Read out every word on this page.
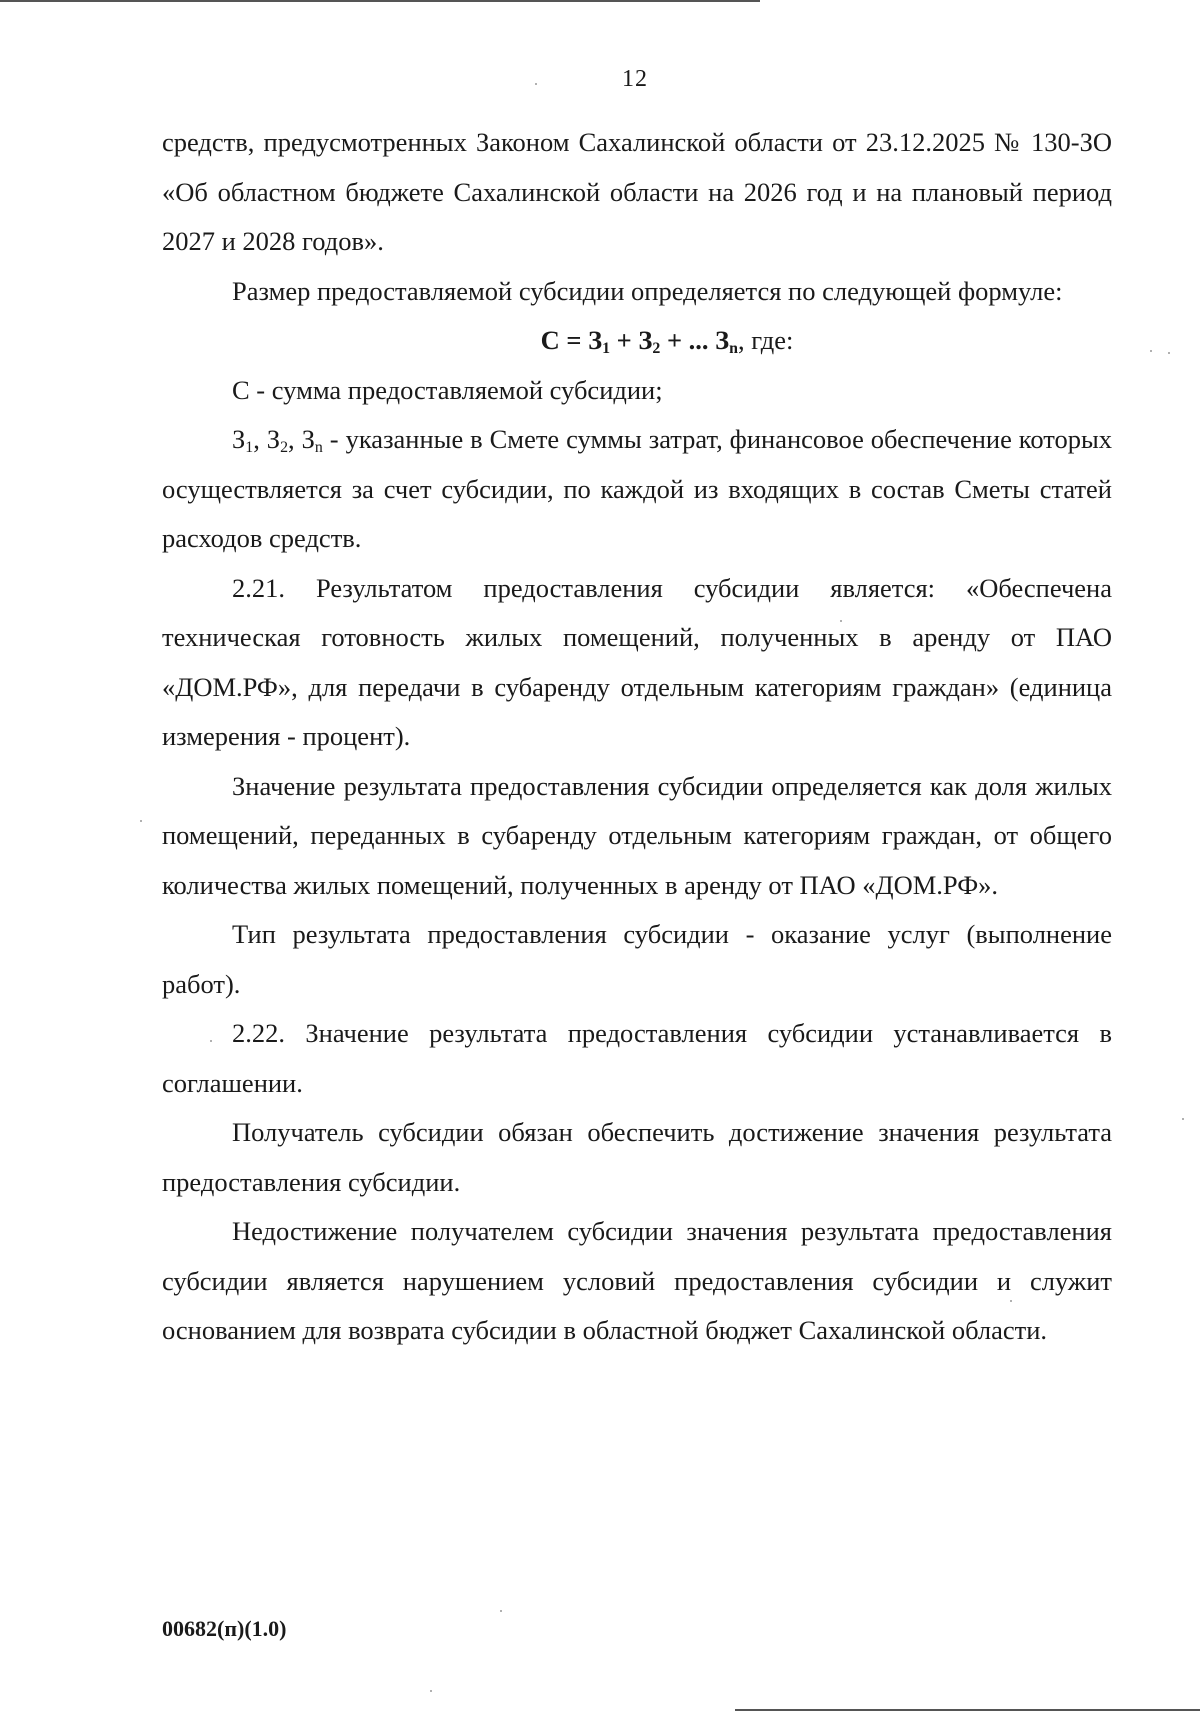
12

средств, предусмотренных Законом Сахалинской области от 23.12.2025 № 130-ЗО «Об областном бюджете Сахалинской области на 2026 год и на плановый период 2027 и 2028 годов».

Размер предоставляемой субсидии определяется по следующей формуле:

$С = З_1 + З_2$ + ... $З_n$, где:

С - сумма предоставляемой субсидии;

$З_1$, $З_2$, $З_n$ - указанные в Смете суммы затрат, финансовое обеспечение которых осуществляется за счет субсидии, по каждой из входящих в состав Сметы статей расходов средств.

2.21. Результатом предоставления субсидии является: «Обеспечена техническая готовность жилых помещений, полученных в аренду от ПАО «ДОМ.РФ», для передачи в субаренду отдельным категориям граждан» (единица измерения - процент).

Значение результата предоставления субсидии определяется как доля жилых помещений, переданных в субаренду отдельным категориям граждан, от общего количества жилых помещений, полученных в аренду от ПАО «ДОМ.РФ».

Тип результата предоставления субсидии - оказание услуг (выполнение работ).

2.22. Значение результата предоставления субсидии устанавливается в соглашении.

Получатель субсидии обязан обеспечить достижение значения результата предоставления субсидии.

Недостижение получателем субсидии значения результата предоставления субсидии является нарушением условий предоставления субсидии и служит основанием для возврата субсидии в областной бюджет Сахалинской области.

00682(п)(1.0)
